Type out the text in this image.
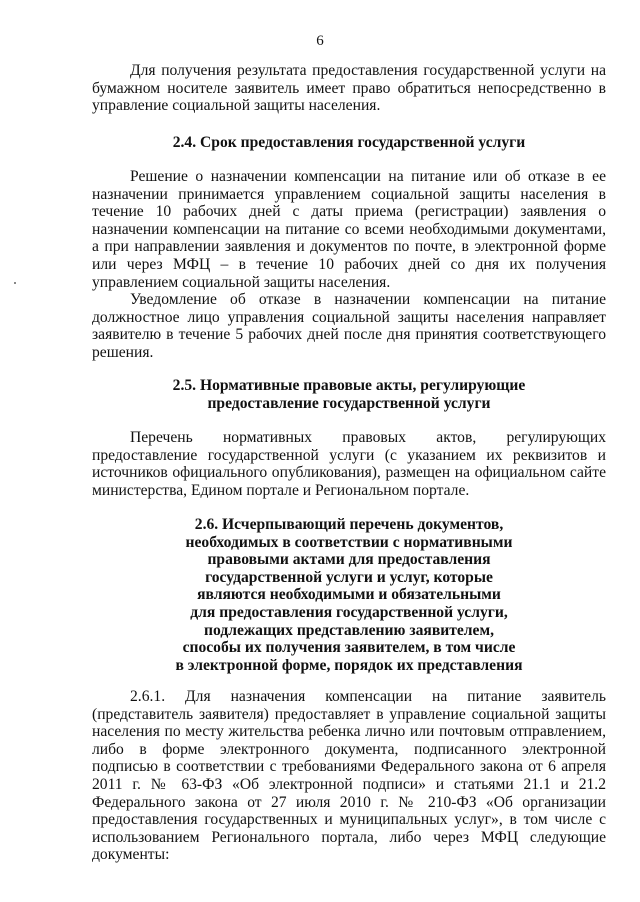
6
Для получения результата предоставления государственной услуги на бумажном носителе заявитель имеет право обратиться непосредственно в управление социальной защиты населения.
2.4. Срок предоставления государственной услуги
Решение о назначении компенсации на питание или об отказе в ее назначении принимается управлением социальной защиты населения в течение 10 рабочих дней с даты приема (регистрации) заявления о назначении компенсации на питание со всеми необходимыми документами, а при направлении заявления и документов по почте, в электронной форме или через МФЦ – в течение 10 рабочих дней со дня их получения управлением социальной защиты населения.
Уведомление об отказе в назначении компенсации на питание должностное лицо управления социальной защиты населения направляет заявителю в течение 5 рабочих дней после дня принятия соответствующего решения.
2.5. Нормативные правовые акты, регулирующие
предоставление государственной услуги
Перечень нормативных правовых актов, регулирующих предоставление государственной услуги (с указанием их реквизитов и источников официального опубликования), размещен на официальном сайте министерства, Едином портале и Региональном портале.
2.6. Исчерпывающий перечень документов,
необходимых в соответствии с нормативными
правовыми актами для предоставления
государственной услуги и услуг, которые
являются необходимыми и обязательными
для предоставления государственной услуги,
подлежащих представлению заявителем,
способы их получения заявителем, в том числе
в электронной форме, порядок их представления
2.6.1. Для назначения компенсации на питание заявитель (представитель заявителя) предоставляет в управление социальной защиты населения по месту жительства ребенка лично или почтовым отправлением, либо в форме электронного документа, подписанного электронной подписью в соответствии с требованиями Федерального закона от 6 апреля 2011 г. № 63-ФЗ «Об электронной подписи» и статьями 21.1 и 21.2 Федерального закона от 27 июля 2010 г. № 210-ФЗ «Об организации предоставления государственных и муниципальных услуг», в том числе с использованием Регионального портала, либо через МФЦ следующие документы:
